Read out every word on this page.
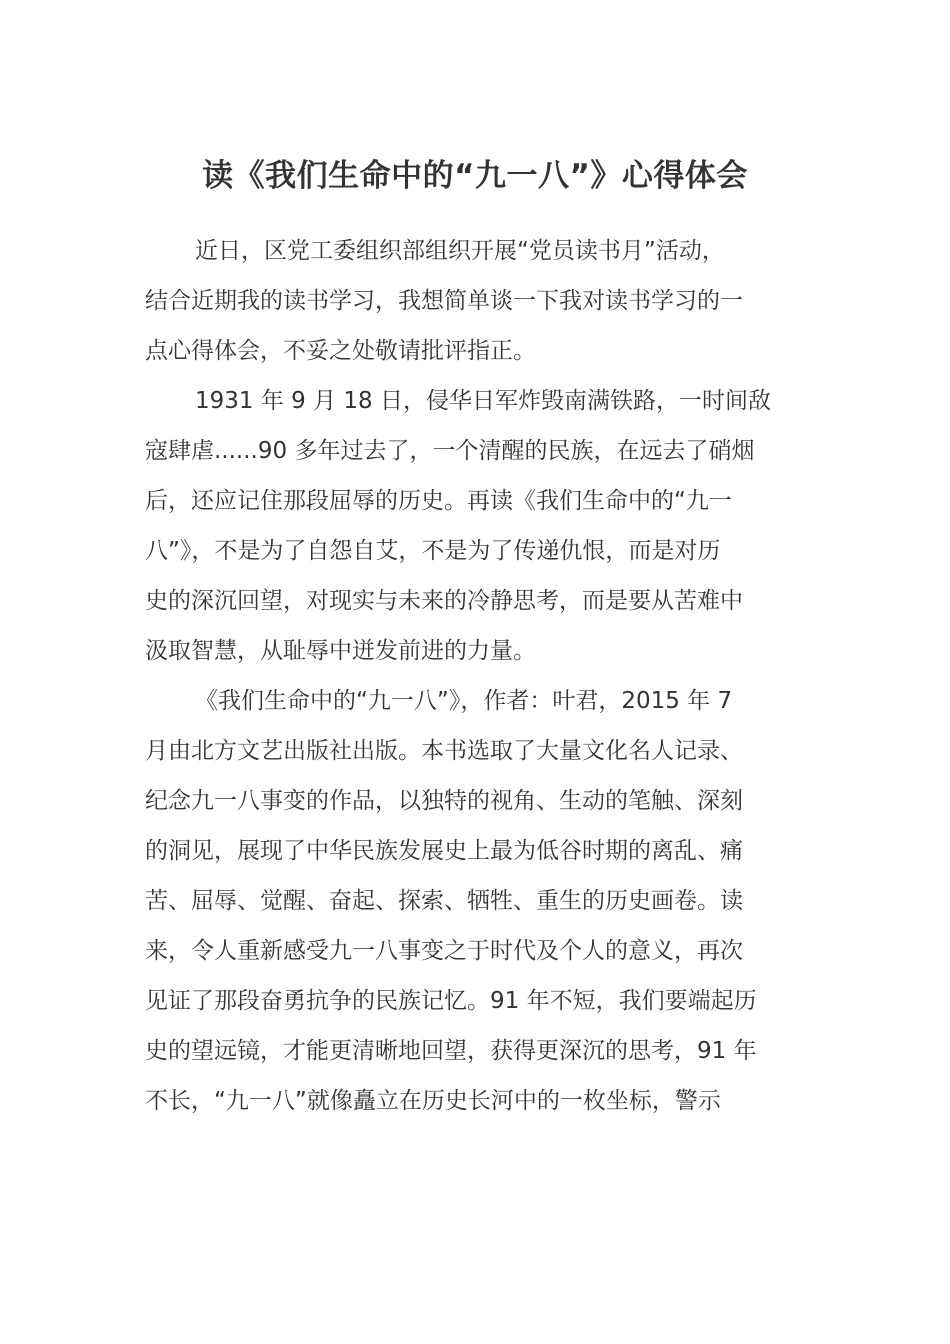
读《我们生命中的“九一八”》心得体会

近日，区党工委组织部组织开展“党员读书月”活动，
结合近期我的读书学习，我想简单谈一下我对读书学习的一
点心得体会，不妥之处敬请批评指正。

1931 年 9 月 18 日，侵华日军炸毁南满铁路，一时间敌
寇肆虐......90 多年过去了，一个清醒的民族，在远去了硝烟
后，还应记住那段屈辱的历史。再读《我们生命中的“九一
八”》，不是为了自怨自艾，不是为了传递仇恨，而是对历
史的深沉回望，对现实与未来的冷静思考，而是要从苦难中
汲取智慧，从耻辱中迸发前进的力量。

《我们生命中的“九一八”》，作者：叶君，2015 年 7
月由北方文艺出版社出版。本书选取了大量文化名人记录、
纪念九一八事变的作品，以独特的视角、生动的笔触、深刻
的洞见，展现了中华民族发展史上最为低谷时期的离乱、痛
苦、屈辱、觉醒、奋起、探索、牺牲、重生的历史画卷。读
来，令人重新感受九一八事变之于时代及个人的意义，再次
见证了那段奋勇抗争的民族记忆。91 年不短，我们要端起历
史的望远镜，才能更清晰地回望，获得更深沉的思考，91 年
不长，“九一八”就像矗立在历史长河中的一枚坐标，警示
